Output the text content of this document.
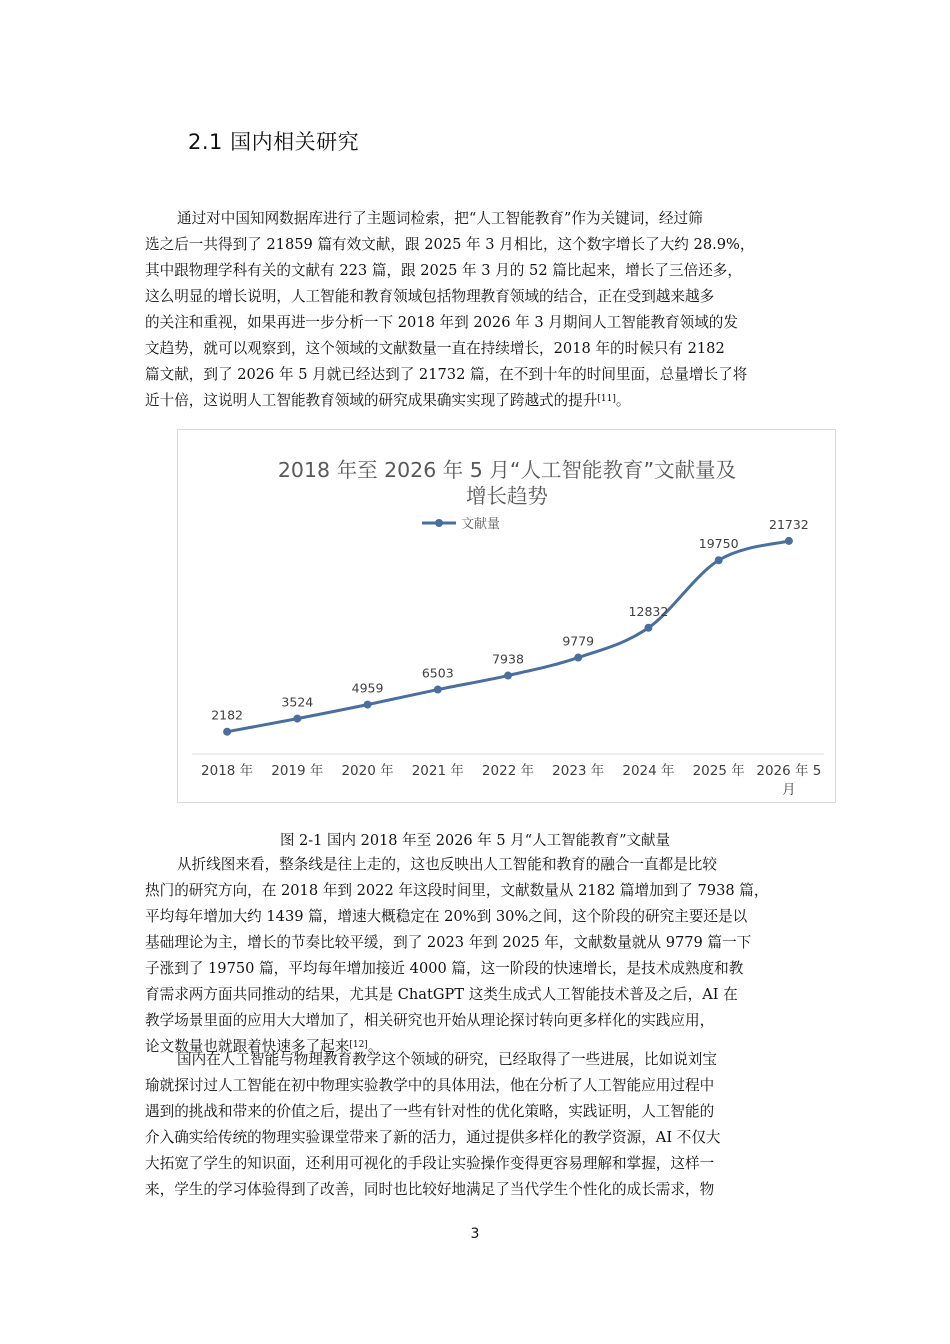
2.1 国内相关研究
通过对中国知网数据库进行了主题词检索，把“人工智能教育”作为关键词，经过筛
选之后一共得到了 21859 篇有效文献，跟 2025 年 3 月相比，这个数字增长了大约 28.9%，
其中跟物理学科有关的文献有 223 篇，跟 2025 年 3 月的 52 篇比起来，增长了三倍还多，
这么明显的增长说明，人工智能和教育领域包括物理教育领域的结合，正在受到越来越多
的关注和重视，如果再进一步分析一下 2018 年到 2026 年 3 月期间人工智能教育领域的发
文趋势，就可以观察到，这个领域的文献数量一直在持续增长，2018 年的时候只有 2182
篇文献，到了 2026 年 5 月就已经达到了 21732 篇，在不到十年的时间里面，总量增长了将
近十倍，这说明人工智能教育领域的研究成果确实实现了跨越式的提升[11]。
2018 年至 2026 年 5 月“人工智能教育”文献量及
增长趋势
文献量
2182
3524
4959
6503
7938
9779
12832
19750
21732
2018 年 2019 年 2020 年 2021 年 2022 年 2023 年 2024 年 2025 年 2026 年 5 月
图 2-1 国内 2018 年至 2026 年 5 月“人工智能教育”文献量
从折线图来看，整条线是往上走的，这也反映出人工智能和教育的融合一直都是比较
热门的研究方向，在 2018 年到 2022 年这段时间里，文献数量从 2182 篇增加到了 7938 篇，
平均每年增加大约 1439 篇，增速大概稳定在 20%到 30%之间，这个阶段的研究主要还是以
基础理论为主，增长的节奏比较平缓，到了 2023 年到 2025 年，文献数量就从 9779 篇一下
子涨到了 19750 篇，平均每年增加接近 4000 篇，这一阶段的快速增长，是技术成熟度和教
育需求两方面共同推动的结果，尤其是 ChatGPT 这类生成式人工智能技术普及之后，AI 在
教学场景里面的应用大大增加了，相关研究也开始从理论探讨转向更多样化的实践应用，
论文数量也就跟着快速多了起来[12]。
国内在人工智能与物理教育教学这个领域的研究，已经取得了一些进展，比如说刘宝
瑜就探讨过人工智能在初中物理实验教学中的具体用法，他在分析了人工智能应用过程中
遇到的挑战和带来的价值之后，提出了一些有针对性的优化策略，实践证明，人工智能的
介入确实给传统的物理实验课堂带来了新的活力，通过提供多样化的教学资源，AI 不仅大
大拓宽了学生的知识面，还利用可视化的手段让实验操作变得更容易理解和掌握，这样一
来，学生的学习体验得到了改善，同时也比较好地满足了当代学生个性化的成长需求，物
3
